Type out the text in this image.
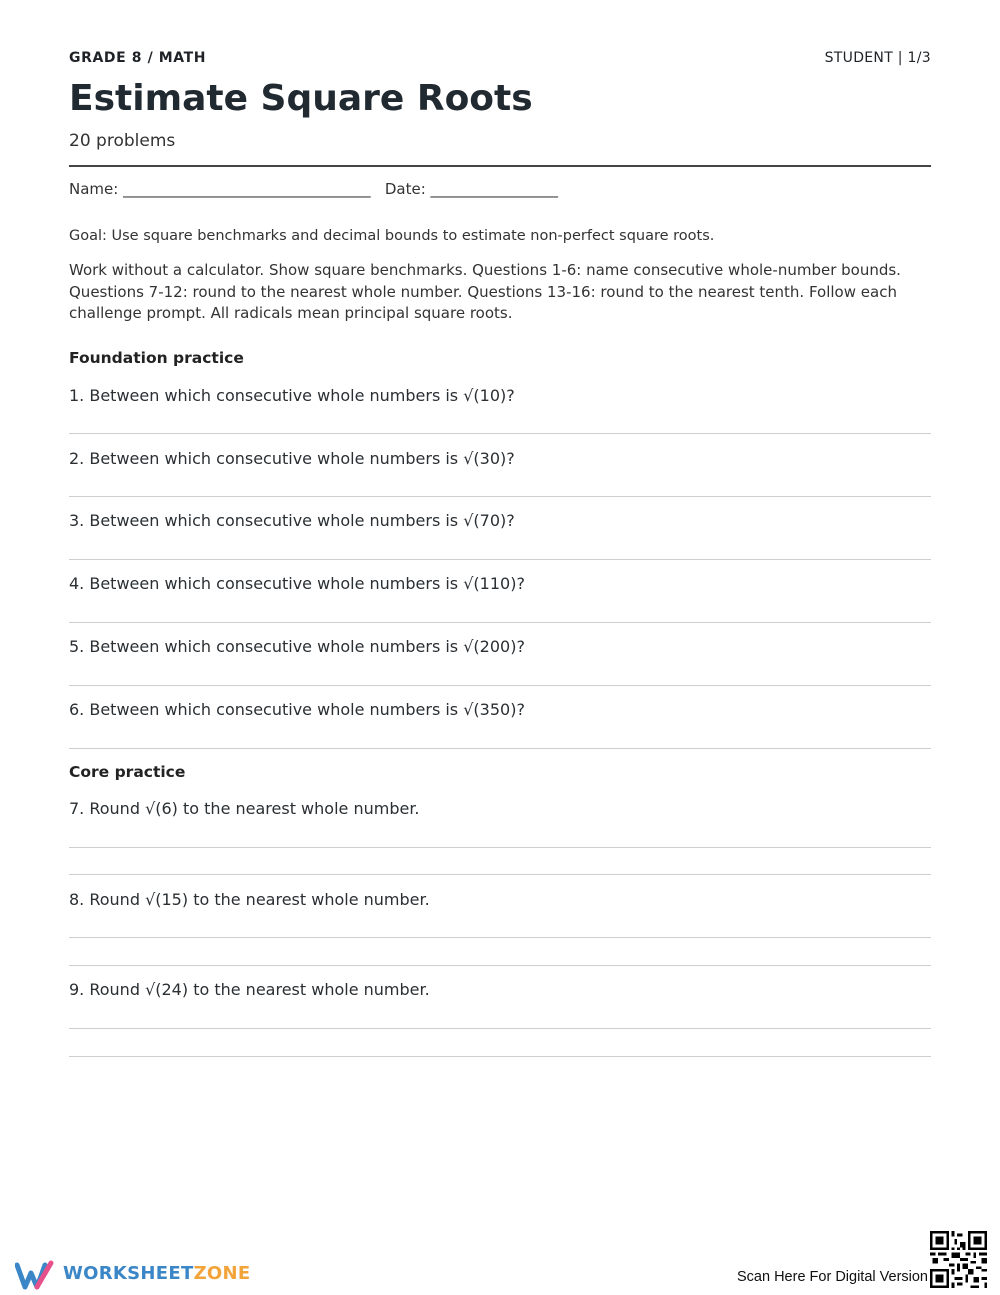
GRADE 8 / MATH	STUDENT | 1/3
Estimate Square Roots
20 problems
Name: _________________________________   Date: _________________
Goal: Use square benchmarks and decimal bounds to estimate non-perfect square roots.
Work without a calculator. Show square benchmarks. Questions 1-6: name consecutive whole-number bounds. Questions 7-12: round to the nearest whole number. Questions 13-16: round to the nearest tenth. Follow each challenge prompt. All radicals mean principal square roots.
Foundation practice
1. Between which consecutive whole numbers is √(10)?
2. Between which consecutive whole numbers is √(30)?
3. Between which consecutive whole numbers is √(70)?
4. Between which consecutive whole numbers is √(110)?
5. Between which consecutive whole numbers is √(200)?
6. Between which consecutive whole numbers is √(350)?
Core practice
7. Round √(6) to the nearest whole number.
8. Round √(15) to the nearest whole number.
9. Round √(24) to the nearest whole number.
WORKSHEETZONE	Scan Here For Digital Version
